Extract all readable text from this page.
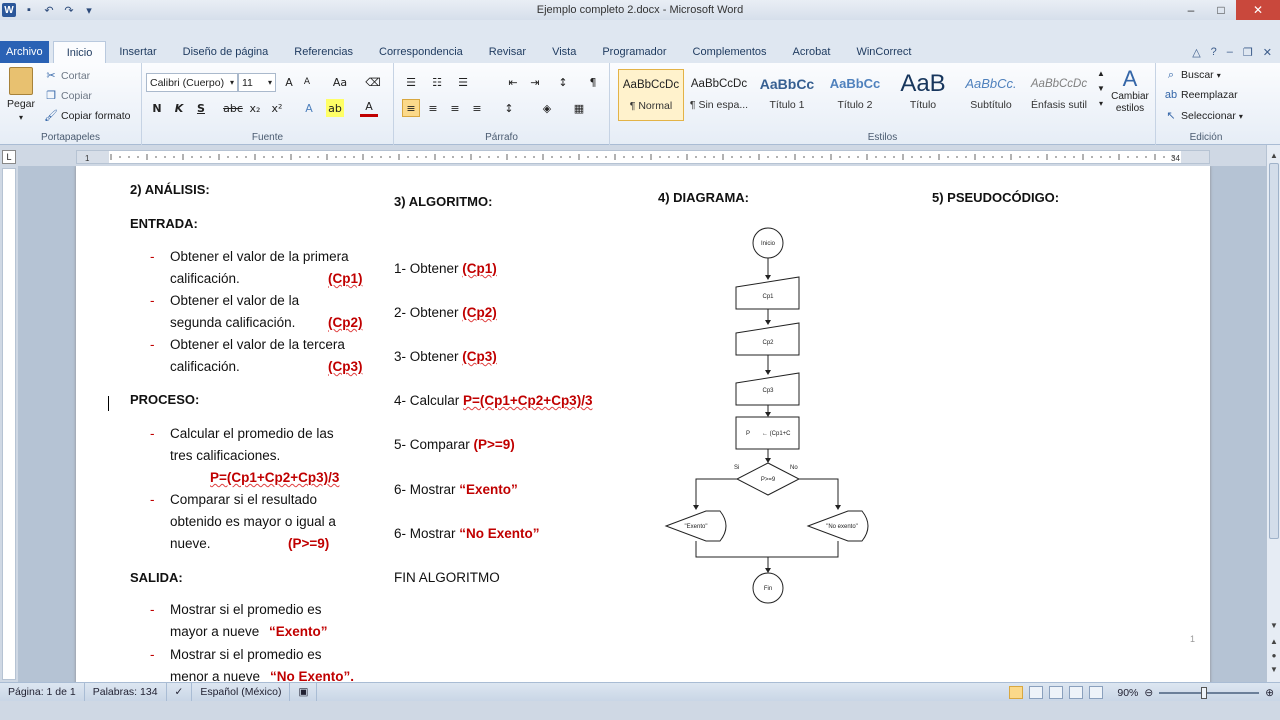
W	▪	↶ ↷	▾	Ejemplo completo 2.docx - Microsoft Word	–	□	✕
Archivo	Inicio	Insertar	Diseño de página	Referencias	Correspondencia	Revisar	Vista	Programador	Complementos	Acrobat	WinCorrect	△ ? – ❐ ✕
Pegar
▾
✂ Cortar
❐ Copiar
🖌 Copiar formato
Portapapeles
Calibri (Cuerpo) ▾ 11 ▾	A	A	Aa	⌫
N	K	S	abc x₂	x²	A	ab	A
Fuente
☰	☷	☰	⇤	⇥	↕	¶
≡	≡	≡	≡	↕	◈	▦
Párrafo
AaBbCcDc
¶ Normal
AaBbCcDc
¶ Sin espa...
AaBbCc
Título 1
AaBbCc
Título 2
AaB
Título
AaBbCc.
Subtítulo
AaBbCcDc
Énfasis sutil
▲
▼
▾
A
Cambiar estilos
Estilos
⌕ Buscar ▾
ab Reemplazar
↖ Seleccionar ▾
Edición
L	1	34
2) ANÁLISIS:
ENTRADA:
- Obtener el valor de la primera
calificación.	(Cp1)
- Obtener el valor de la
segunda calificación. (Cp2)
- Obtener el valor de la tercera
calificación.	(Cp3)
PROCESO:
- Calcular el promedio de las
tres calificaciones.
P=(Cp1+Cp2+Cp3)/3
- Comparar si el resultado
obtenido es mayor o igual a
nueve.	(P>=9)
SALIDA:
- Mostrar si el promedio es
mayor a nueve “Exento”
- Mostrar si el promedio es
menor a nueve “No Exento”.
3) ALGORITMO:
1- Obtener (Cp1)
2- Obtener (Cp2)
3- Obtener (Cp3)
4- Calcular P=(Cp1+Cp2+Cp3)/3
5- Comparar (P>=9)
6- Mostrar “Exento”
6- Mostrar “No Exento”
FIN ALGORITMO
4) DIAGRAMA:
Inicio
Cp1
Cp2
Cp3
P ← (Cp1+C
P>=9
Si	No
"Exento"	"No exento"
Fin
5) PSEUDOCÓDIGO:
1
▲
▼
▲
●
▼
Página: 1 de 1	Palabras: 134	✓	Español (México)	▣	90% ⊖	⊕
